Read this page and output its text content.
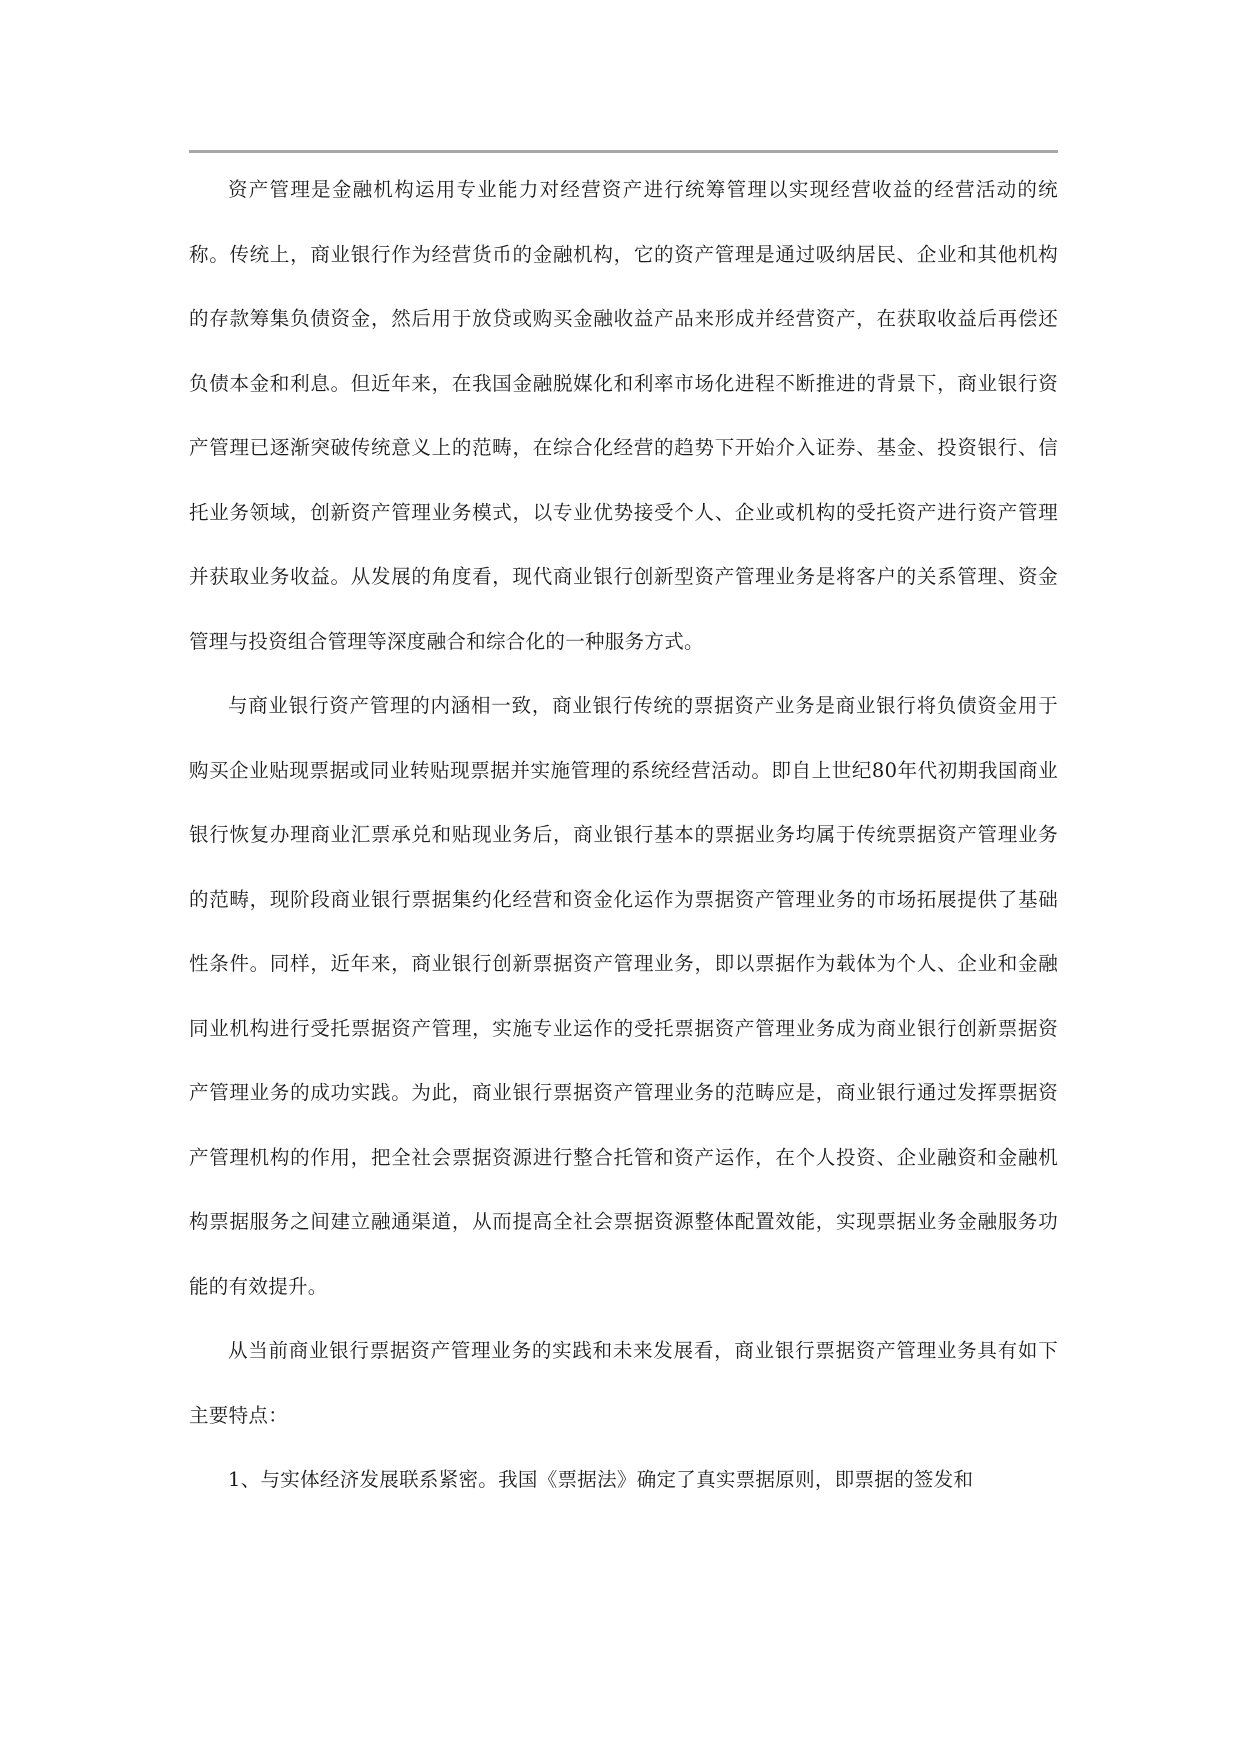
资产管理是金融机构运用专业能力对经营资产进行统筹管理以实现经营收益的经营活动的统称。传统上，商业银行作为经营货币的金融机构，它的资产管理是通过吸纳居民、企业和其他机构的存款筹集负债资金，然后用于放贷或购买金融收益产品来形成并经营资产，在获取收益后再偿还负债本金和利息。但近年来，在我国金融脱媒化和利率市场化进程不断推进的背景下，商业银行资产管理已逐渐突破传统意义上的范畴，在综合化经营的趋势下开始介入证券、基金、投资银行、信托业务领域，创新资产管理业务模式，以专业优势接受个人、企业或机构的受托资产进行资产管理并获取业务收益。从发展的角度看，现代商业银行创新型资产管理业务是将客户的关系管理、资金管理与投资组合管理等深度融合和综合化的一种服务方式。

与商业银行资产管理的内涵相一致，商业银行传统的票据资产业务是商业银行将负债资金用于购买企业贴现票据或同业转贴现票据并实施管理的系统经营活动。即自上世纪80年代初期我国商业银行恢复办理商业汇票承兑和贴现业务后，商业银行基本的票据业务均属于传统票据资产管理业务的范畴，现阶段商业银行票据集约化经营和资金化运作为票据资产管理业务的市场拓展提供了基础性条件。同样，近年来，商业银行创新票据资产管理业务，即以票据作为载体为个人、企业和金融同业机构进行受托票据资产管理，实施专业运作的受托票据资产管理业务成为商业银行创新票据资产管理业务的成功实践。为此，商业银行票据资产管理业务的范畴应是，商业银行通过发挥票据资产管理机构的作用，把全社会票据资源进行整合托管和资产运作，在个人投资、企业融资和金融机构票据服务之间建立融通渠道，从而提高全社会票据资源整体配置效能，实现票据业务金融服务功能的有效提升。

从当前商业银行票据资产管理业务的实践和未来发展看，商业银行票据资产管理业务具有如下主要特点：

1、与实体经济发展联系紧密。我国《票据法》确定了真实票据原则，即票据的签发和
